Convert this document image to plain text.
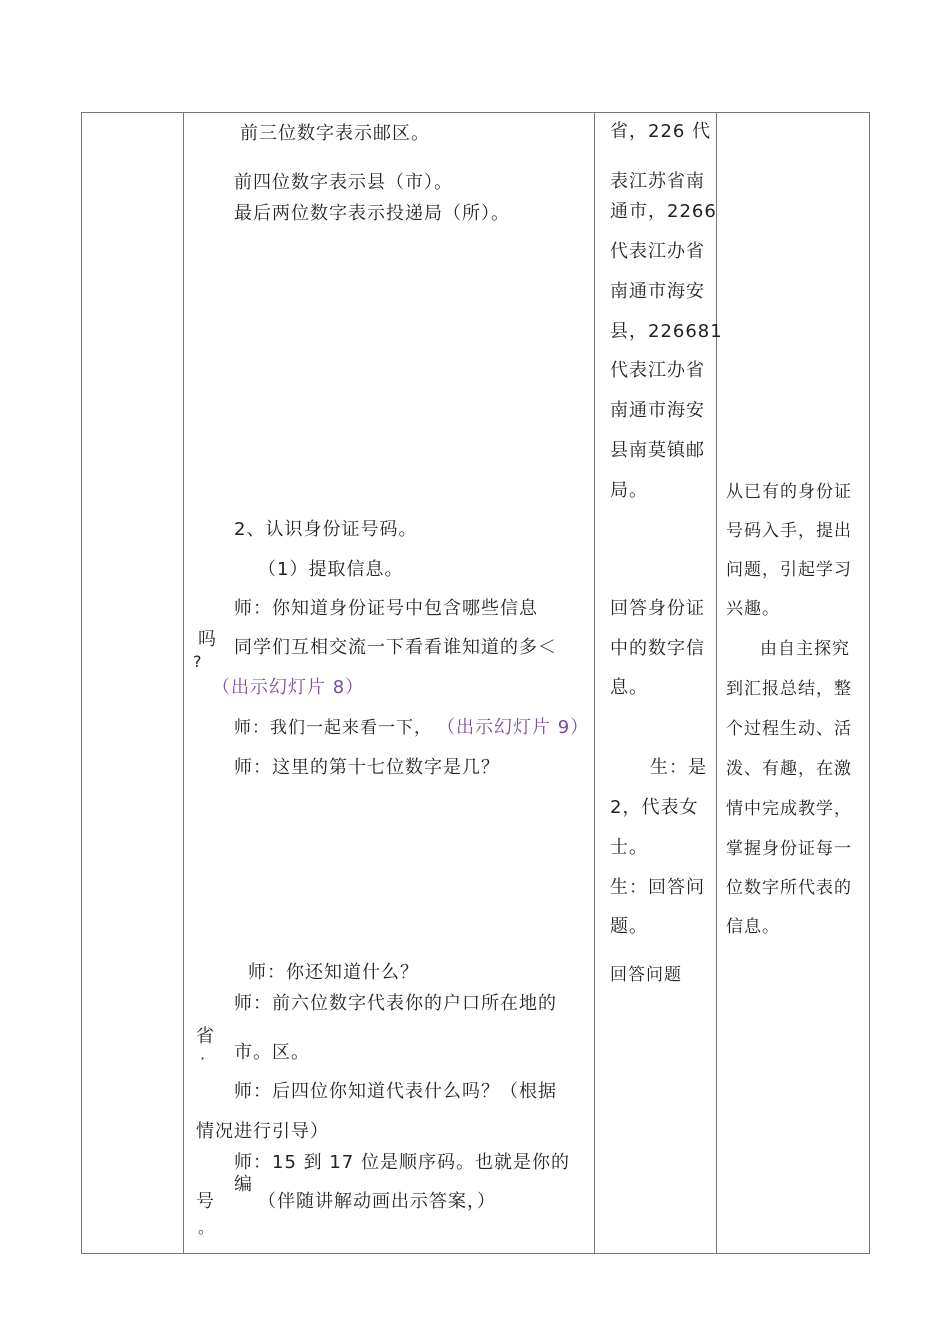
前三位数字表示邮区。
前四位数字表示县（市）。
最后两位数字表示投递局（所）。
2、认识身份证号码。
（1）提取信息。
师：你知道身份证号中包含哪些信息
吗
?
同学们互相交流一下看看谁知道的多＜
（出示幻灯片 8）
师：我们一起来看一下， （出示幻灯片 9）
师：这里的第十七位数字是几？
师：你还知道什么？
师：前六位数字代表你的户口所在地的
省
· 市。区。
师：后四位你知道代表什么吗？（根据
情况进行引导）
师：15 到 17 位是顺序码。也就是你的
编
号 （伴随讲解动画出示答案，）
。
省，226 代
表江苏省南
通市，2266
代表江办省
南通市海安
县，226681
代表江办省
南通市海安
县南莫镇邮
局。
回答身份证
中的数字信
息。
生：是
2，代表女
士。
生：回答问
题。
回答问题
从已有的身份证
号码入手，提出
问题，引起学习
兴趣。
由自主探究
到汇报总结，整
个过程生动、活
泼、有趣，在激
情中完成教学，
掌握身份证每一
位数字所代表的
信息。
